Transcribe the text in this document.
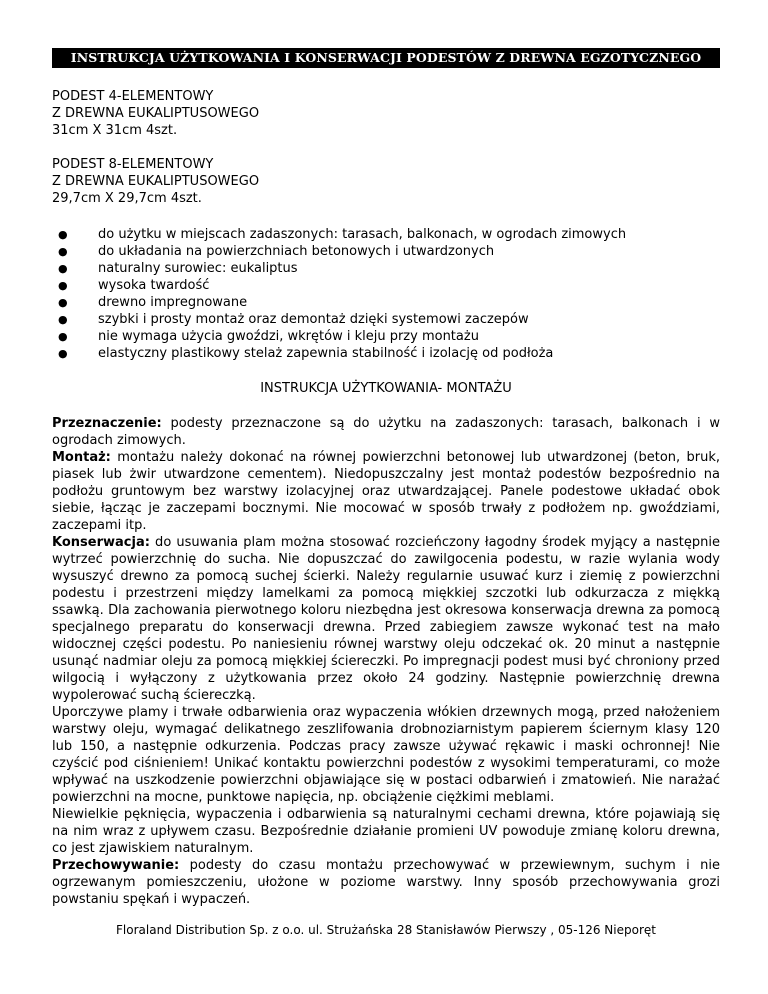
INSTRUKCJA UŻYTKOWANIA I KONSERWACJI PODESTÓW Z DREWNA EGZOTYCZNEGO
PODEST 4-ELEMENTOWY
Z DREWNA EUKALIPTUSOWEGO
31cm X 31cm 4szt.
PODEST 8-ELEMENTOWY
Z DREWNA EUKALIPTUSOWEGO
29,7cm X 29,7cm 4szt.
● do użytku w miejscach zadaszonych: tarasach, balkonach, w ogrodach zimowych
● do układania na powierzchniach betonowych i utwardzonych
● naturalny surowiec: eukaliptus
● wysoka twardość
● drewno impregnowane
● szybki i prosty montaż oraz demontaż dzięki systemowi zaczepów
● nie wymaga użycia gwoździ, wkrętów i kleju przy montażu
● elastyczny plastikowy stelaż zapewnia stabilność i izolację od podłoża
INSTRUKCJA UŻYTKOWANIA- MONTAŻU

Przeznaczenie: podesty przeznaczone są do użytku na zadaszonych: tarasach, balkonach i w ogrodach zimowych.

Montaż: montażu należy dokonać na równej powierzchni betonowej lub utwardzonej (beton, bruk, piasek lub żwir utwardzone cementem). Niedopuszczalny jest montaż podestów bezpośrednio na podłożu gruntowym bez warstwy izolacyjnej oraz utwardzającej. Panele podestowe układać obok siebie, łącząc je zaczepami bocznymi. Nie mocować w sposób trwały z podłożem np. gwoździami, zaczepami itp.

Konserwacja: do usuwania plam można stosować rozcieńczony łagodny środek myjący a następnie wytrzeć powierzchnię do sucha. Nie dopuszczać do zawilgocenia podestu, w razie wylania wody wysuszyć drewno za pomocą suchej ścierki. Należy regularnie usuwać kurz i ziemię z powierzchni podestu i przestrzeni między lamelkami za pomocą miękkiej szczotki lub odkurzacza z miękką ssawką. Dla zachowania pierwotnego koloru niezbędna jest okresowa konserwacja drewna za pomocą specjalnego preparatu do konserwacji drewna. Przed zabiegiem zawsze wykonać test na mało widocznej części podestu. Po naniesieniu równej warstwy oleju odczekać ok. 20 minut a następnie usunąć nadmiar oleju za pomocą miękkiej ściereczki. Po impregnacji podest musi być chroniony przed wilgocią i wyłączony z użytkowania przez około 24 godziny. Następnie powierzchnię drewna wypolerować suchą ściereczką.

Uporczywe plamy i trwałe odbarwienia oraz wypaczenia włókien drzewnych mogą, przed nałożeniem warstwy oleju, wymagać delikatnego zeszlifowania drobnoziarnistym papierem ściernym klasy 120 lub 150, a następnie odkurzenia. Podczas pracy zawsze używać rękawic i maski ochronnej! Nie czyścić pod ciśnieniem! Unikać kontaktu powierzchni podestów z wysokimi temperaturami, co może wpływać na uszkodzenie powierzchni objawiające się w postaci odbarwień i zmatowień. Nie narażać powierzchni na mocne, punktowe napięcia, np. obciążenie ciężkimi meblami.

Niewielkie pęknięcia, wypaczenia i odbarwienia są naturalnymi cechami drewna, które pojawiają się na nim wraz z upływem czasu. Bezpośrednie działanie promieni UV powoduje zmianę koloru drewna, co jest zjawiskiem naturalnym.

Przechowywanie: podesty do czasu montażu przechowywać w przewiewnym, suchym i nie ogrzewanym pomieszczeniu, ułożone w poziome warstwy. Inny sposób przechowywania grozi powstaniu spękań i wypaczeń.

Floraland Distribution Sp. z o.o. ul. Strużańska 28 Stanisławów Pierwszy , 05-126 Nieporęt
